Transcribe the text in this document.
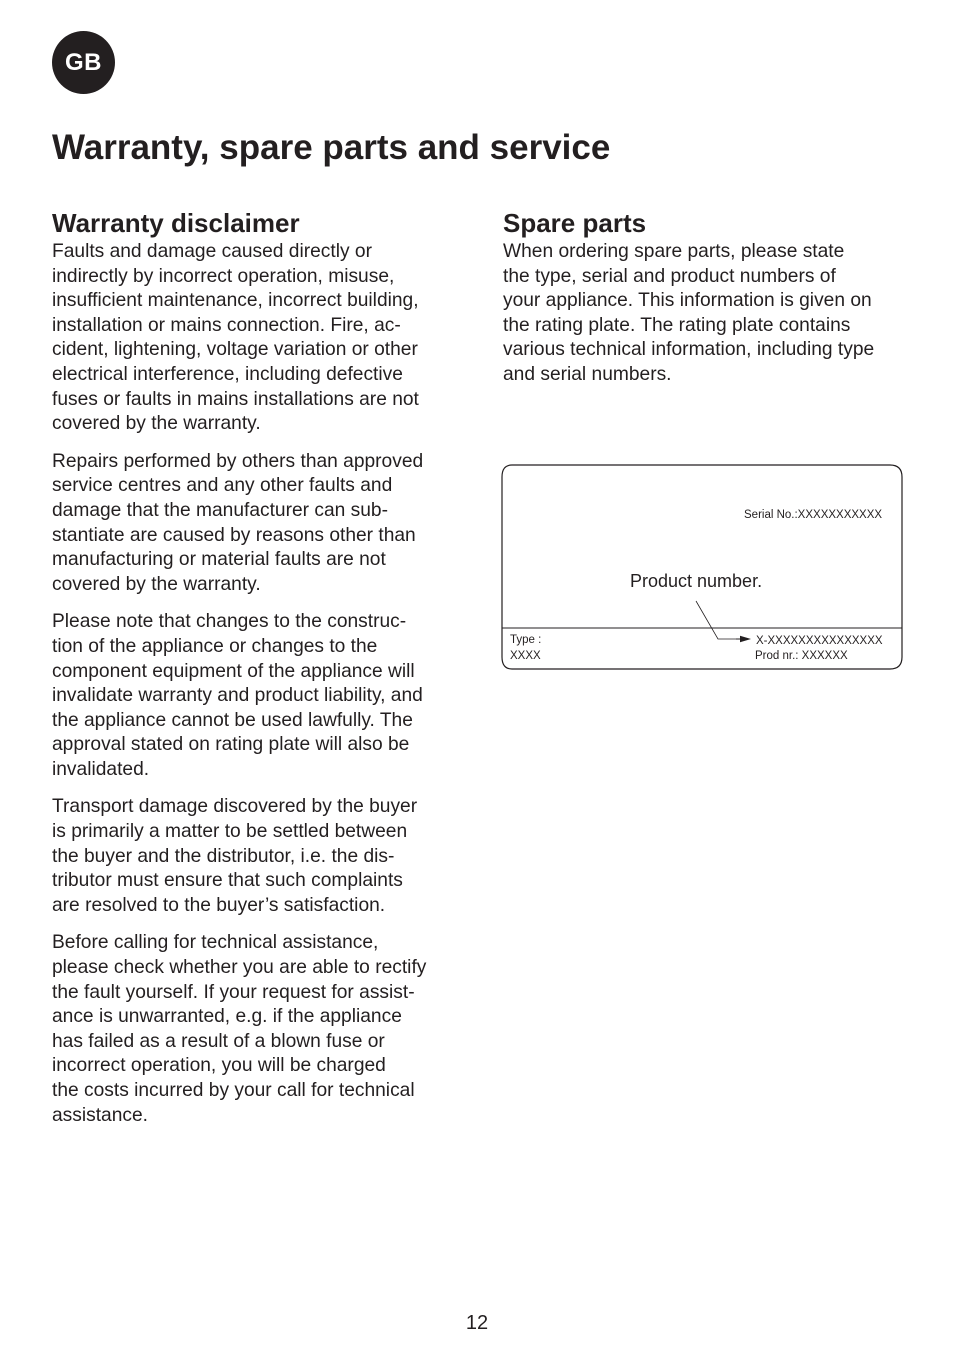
GB
Warranty, spare parts and service
Warranty disclaimer

Faults and damage caused directly or
indirectly by incorrect operation, misuse,
insufficient maintenance, incorrect building,
installation or mains connection. Fire, ac-
cident, lightening, voltage variation or other
electrical interference, including defective
fuses or faults in mains installations are not
covered by the warranty.

Repairs performed by others than approved
service centres and any other faults and
damage that the manufacturer can sub-
stantiate are caused by reasons other than
manufacturing or material faults are not
covered by the warranty.

Please note that changes to the construc-
tion of the appliance or changes to the
component equipment of the appliance will
invalidate warranty and product liability, and
the appliance cannot be used lawfully. The
approval stated on rating plate will also be
invalidated.

Transport damage discovered by the buyer
is primarily a matter to be settled between
the buyer and the distributor, i.e. the dis-
tributor must ensure that such complaints
are resolved to the buyer’s satisfaction.

Before calling for technical assistance,
please check whether you are able to rectify
the fault yourself. If your request for assist-
ance is unwarranted, e.g. if the appliance
has failed as a result of a blown fuse or
incorrect operation, you will be charged
the costs incurred by your call for technical
assistance.

Spare parts

When ordering spare parts, please state
the type, serial and product numbers of
your appliance. This information is given on
the rating plate. The rating plate contains
various technical information, including type
and serial numbers.

Serial No.:XXXXXXXXXXX
Product number.
Type :
XXXX
X-XXXXXXXXXXXXXXX
Prod nr.: XXXXXX
12
